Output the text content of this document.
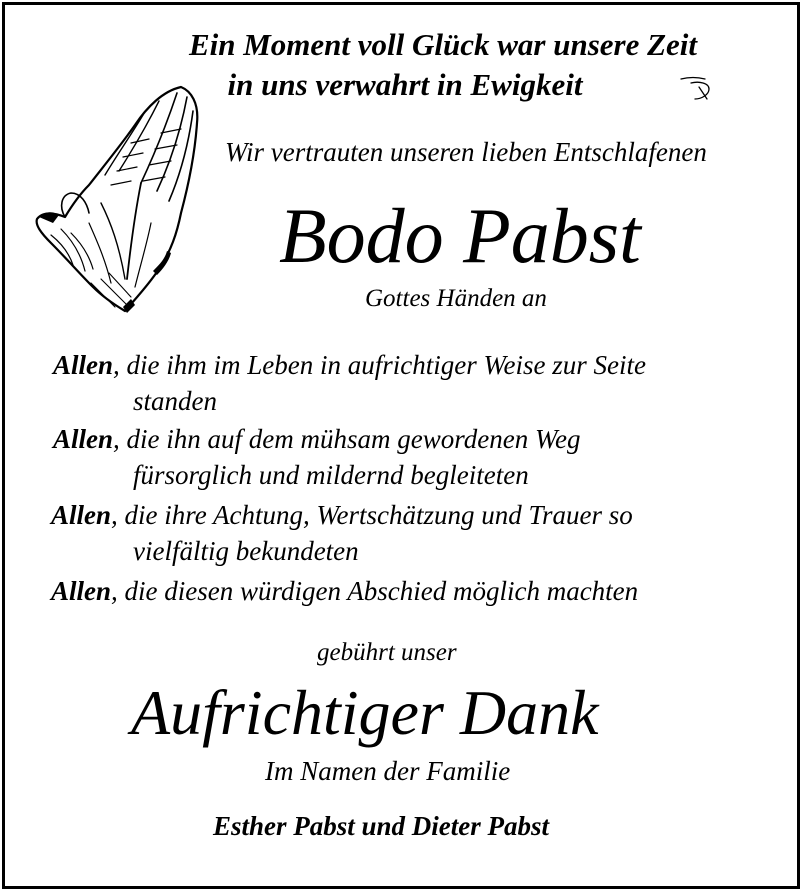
Ein Moment voll Glück war unsere Zeit
in uns verwahrt in Ewigkeit
Wir vertrauten unseren lieben Entschlafenen
Bodo Pabst
Gottes Händen an
Allen, die ihm im Leben in aufrichtiger Weise zur Seite
standen
Allen, die ihn auf dem mühsam gewordenen Weg
fürsorglich und mildernd begleiteten
Allen, die ihre Achtung, Wertschätzung und Trauer so
vielfältig bekundeten
Allen, die diesen würdigen Abschied möglich machten
gebührt unser
Aufrichtiger Dank
Im Namen der Familie
Esther Pabst und Dieter Pabst
